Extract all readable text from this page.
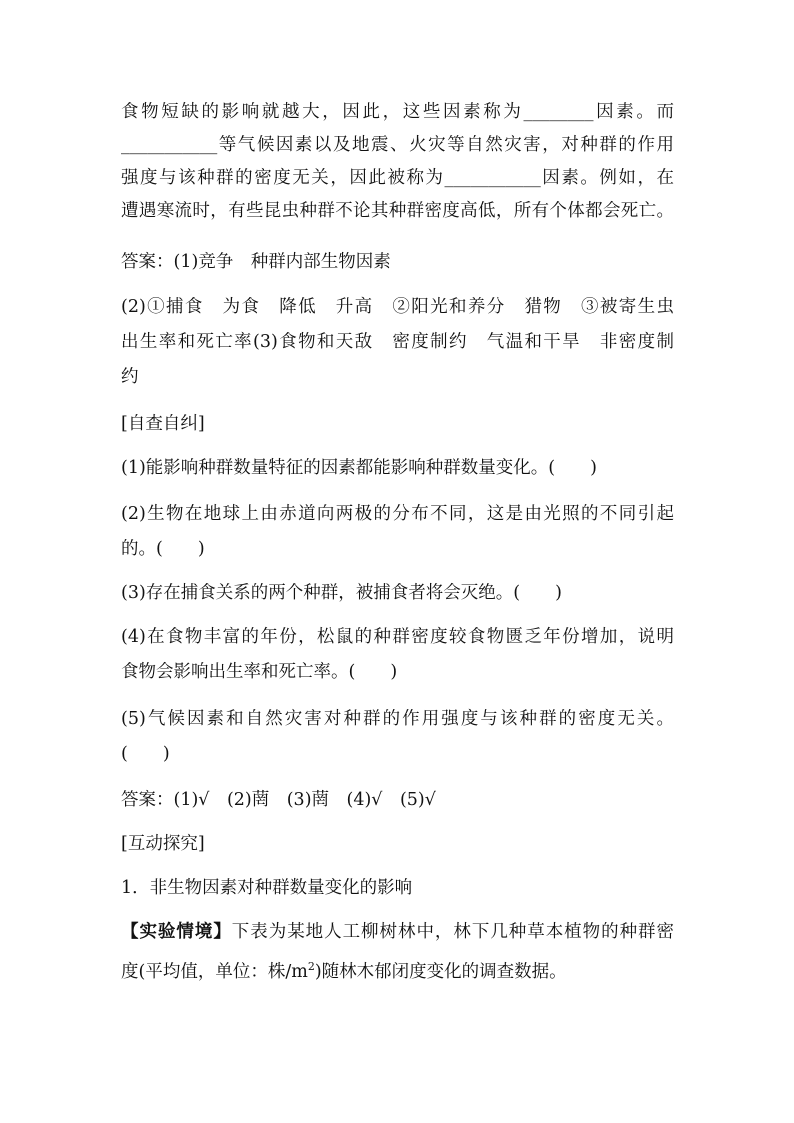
食物短缺的影响就越大，因此，这些因素称为________因素。而
___________等气候因素以及地震、火灾等自然灾害，对种群的作用
强度与该种群的密度无关，因此被称为___________因素。例如，在
遭遇寒流时，有些昆虫种群不论其种群密度高低，所有个体都会死亡。
答案：(1)竞争　种群内部生物因素
(2)①捕食　为食　降低　升高　②阳光和养分　猎物　③被寄生虫
出生率和死亡率(3)食物和天敌　密度制约　气温和干旱　非密度制
约
[自查自纠]
(1)能影响种群数量特征的因素都能影响种群数量变化。(　　)
(2)生物在地球上由赤道向两极的分布不同，这是由光照的不同引起
的。(　　)
(3)存在捕食关系的两个种群，被捕食者将会灭绝。(　　)
(4)在食物丰富的年份，松鼠的种群密度较食物匮乏年份增加，说明
食物会影响出生率和死亡率。(　　)
(5)气候因素和自然灾害对种群的作用强度与该种群的密度无关。
(　　)
答案：(1)√　(2)菵　(3)菵　(4)√　(5)√
[互动探究]
1．非生物因素对种群数量变化的影响
【实验情境】下表为某地人工柳树林中，林下几种草本植物的种群密
度(平均值，单位：株$/m^2$)随林木郁闭度变化的调查数据。
